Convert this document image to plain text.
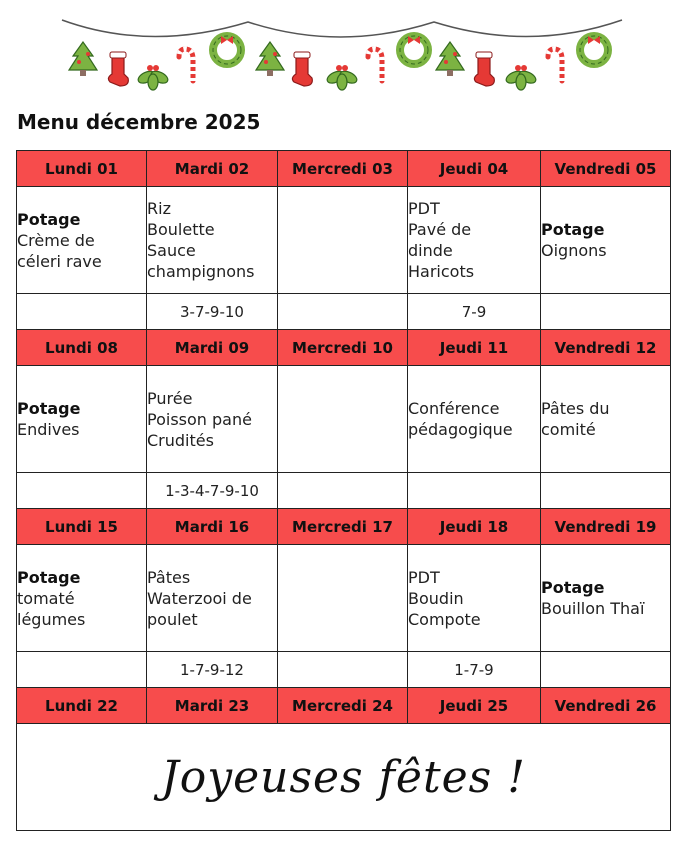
Menu décembre 2025
Lundi 01	Mardi 02	Mercredi 03	Jeudi 04	Vendredi 05

Potage
Crème de
céleri rave	Riz
Boulette
Sauce
champignons		PDT
Pavé de
dinde
Haricots	Potage
Oignons

	3-7-9-10		7-9	
Lundi 08	Mardi 09	Mercredi 10	Jeudi 11	Vendredi 12

Potage
Endives	Purée
Poisson pané
Crudités		Conférence
pédagogique	Pâtes du
comité

	1-3-4-7-9-10			
Lundi 15	Mardi 16	Mercredi 17	Jeudi 18	Vendredi 19

Potage
tomaté
légumes	Pâtes
Waterzooi de
poulet		PDT
Boudin
Compote	Potage
Bouillon Thaï

	1-7-9-12		1-7-9	
Lundi 22	Mardi 23	Mercredi 24	Jeudi 25	Vendredi 26
Joyeuses fêtes !				
